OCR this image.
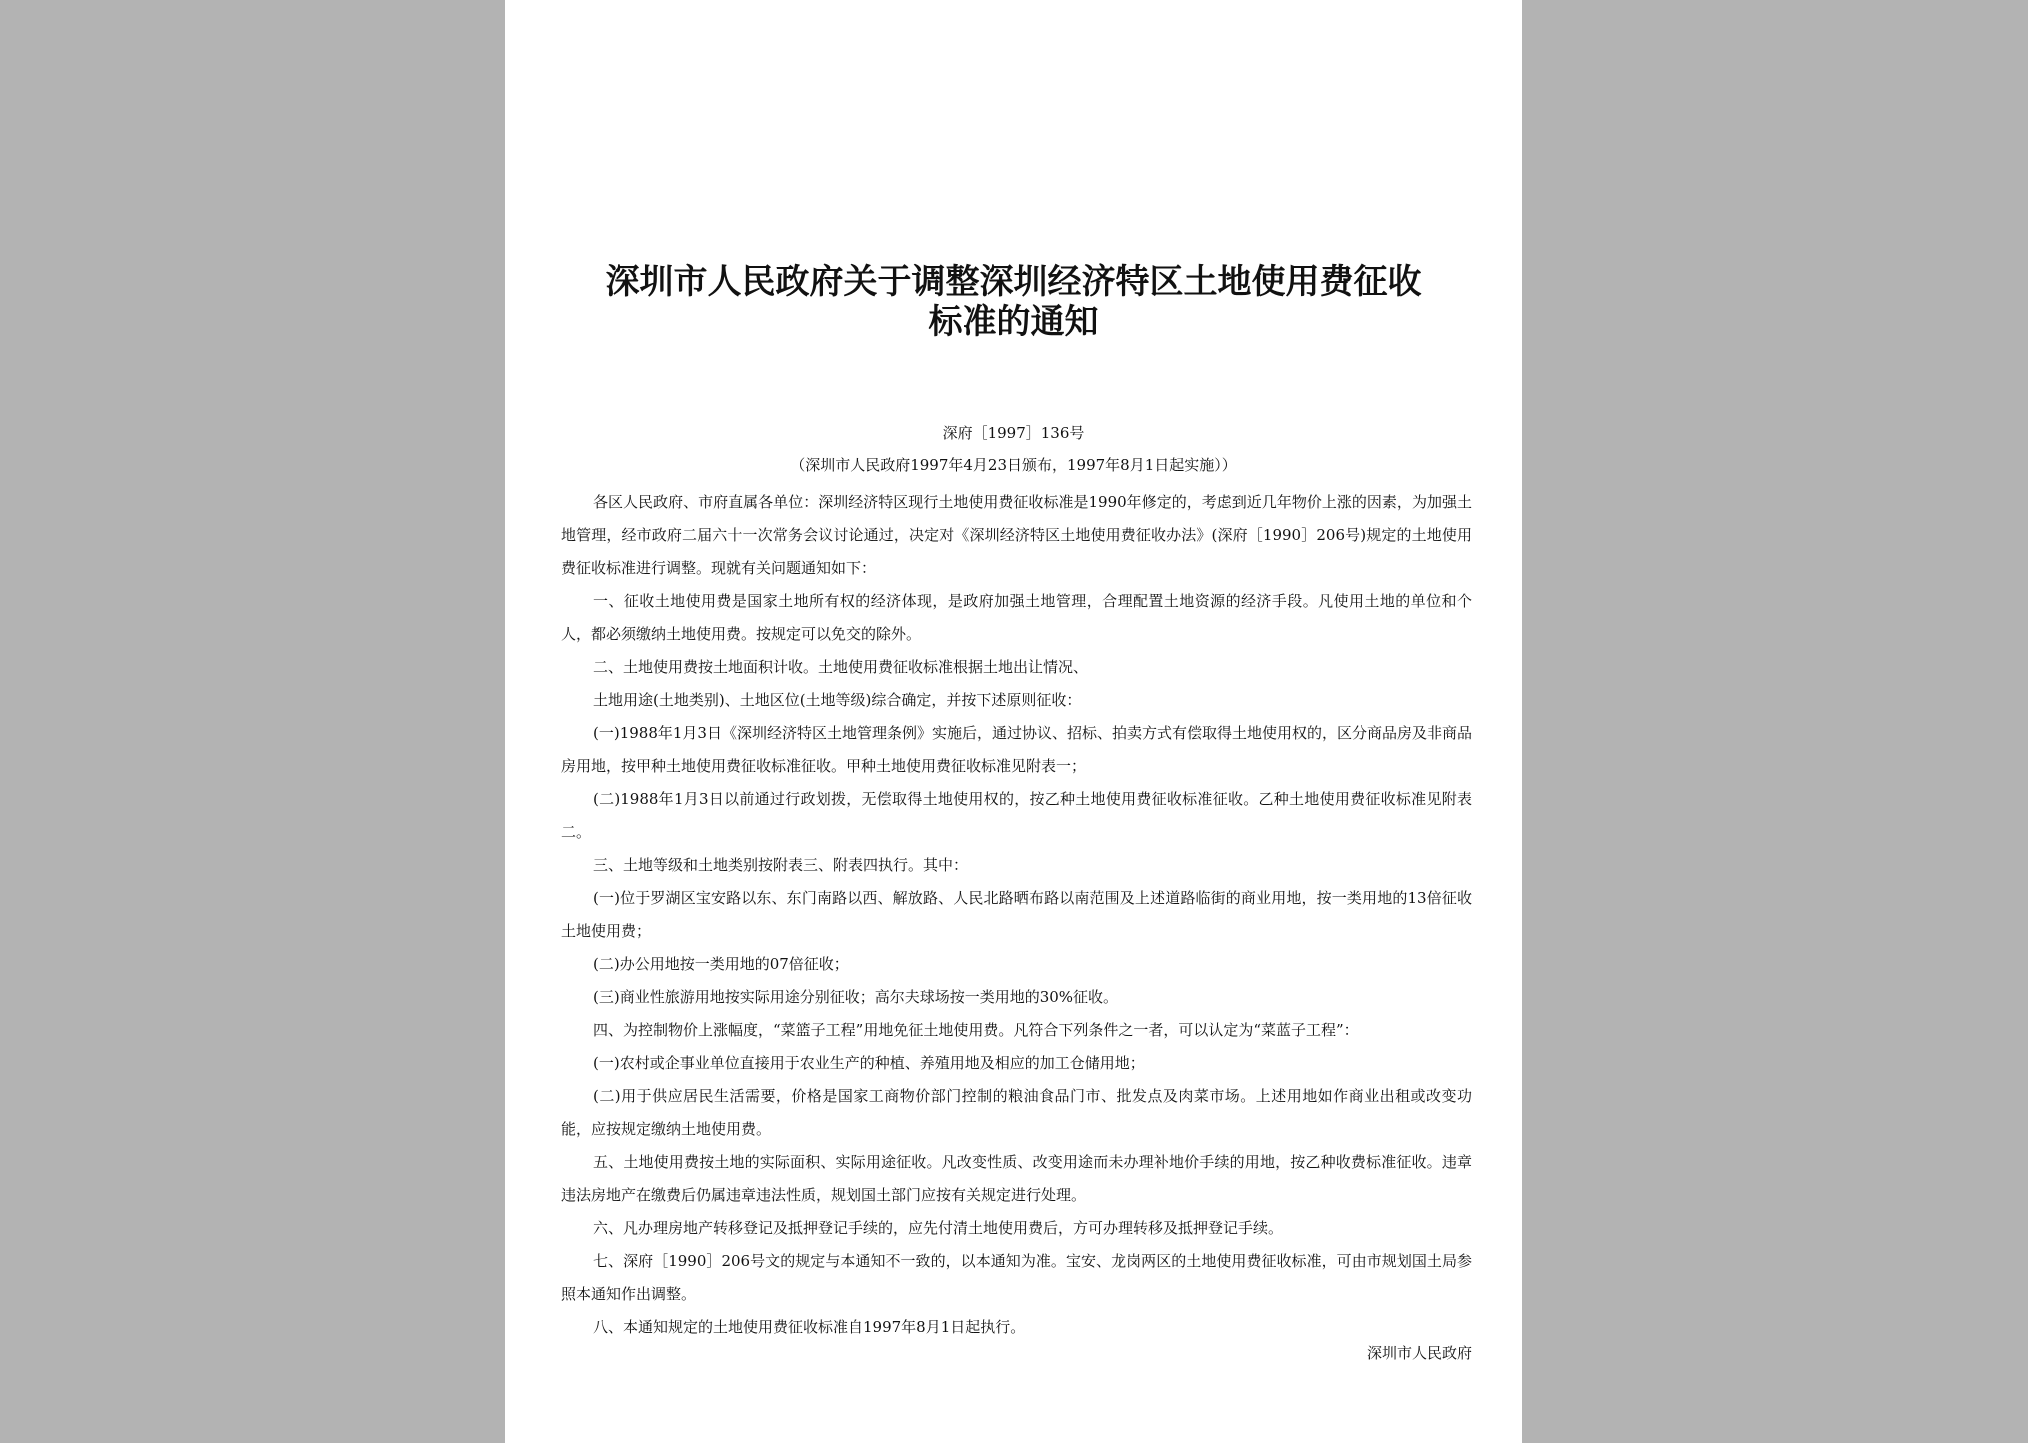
深圳市人民政府关于调整深圳经济特区土地使用费征收标准的通知
深府［1997］136号
（深圳市人民政府1997年4月23日颁布，1997年8月1日起实施））

各区人民政府、市府直属各单位：深圳经济特区现行土地使用费征收标准是1990年修定的，考虑到近几年物价上涨的因素，为加强土地管理，经市政府二届六十一次常务会议讨论通过，决定对《深圳经济特区土地使用费征收办法》(深府［1990］206号)规定的土地使用费征收标准进行调整。现就有关问题通知如下：

一、征收土地使用费是国家土地所有权的经济体现，是政府加强土地管理，合理配置土地资源的经济手段。凡使用土地的单位和个人，都必须缴纳土地使用费。按规定可以免交的除外。

二、土地使用费按土地面积计收。土地使用费征收标准根据土地出让情况、

土地用途(土地类别)、土地区位(土地等级)综合确定，并按下述原则征收：

(一)1988年1月3日《深圳经济特区土地管理条例》实施后，通过协议、招标、拍卖方式有偿取得土地使用权的，区分商品房及非商品房用地，按甲种土地使用费征收标准征收。甲种土地使用费征收标准见附表一；

(二)1988年1月3日以前通过行政划拨，无偿取得土地使用权的，按乙种土地使用费征收标准征收。乙种土地使用费征收标准见附表二。

三、土地等级和土地类别按附表三、附表四执行。其中：

(一)位于罗湖区宝安路以东、东门南路以西、解放路、人民北路晒布路以南范围及上述道路临街的商业用地，按一类用地的13倍征收土地使用费；

(二)办公用地按一类用地的07倍征收；

(三)商业性旅游用地按实际用途分别征收；高尔夫球场按一类用地的30%征收。

四、为控制物价上涨幅度，“菜篮子工程”用地免征土地使用费。凡符合下列条件之一者，可以认定为“菜蓝子工程”：

(一)农村或企事业单位直接用于农业生产的种植、养殖用地及相应的加工仓储用地；

(二)用于供应居民生活需要，价格是国家工商物价部门控制的粮油食品门市、批发点及肉菜市场。上述用地如作商业出租或改变功能，应按规定缴纳土地使用费。

五、土地使用费按土地的实际面积、实际用途征收。凡改变性质、改变用途而未办理补地价手续的用地，按乙种收费标准征收。违章违法房地产在缴费后仍属违章违法性质，规划国土部门应按有关规定进行处理。

六、凡办理房地产转移登记及抵押登记手续的，应先付清土地使用费后，方可办理转移及抵押登记手续。

七、深府［1990］206号文的规定与本通知不一致的，以本通知为准。宝安、龙岗两区的土地使用费征收标准，可由市规划国土局参照本通知作出调整。

八、本通知规定的土地使用费征收标准自1997年8月1日起执行。

深圳市人民政府
